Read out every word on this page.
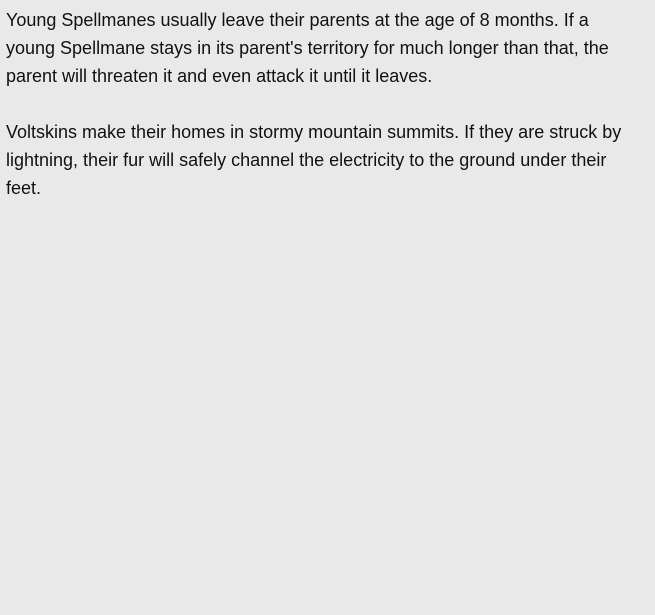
Young Spellmanes usually leave their parents at the age of 8 months. If a young Spellmane stays in its parent's territory for much longer than that, the parent will threaten it and even attack it until it leaves.

Voltskins make their homes in stormy mountain summits. If they are struck by lightning, their fur will safely channel the electricity to the ground under their feet.
